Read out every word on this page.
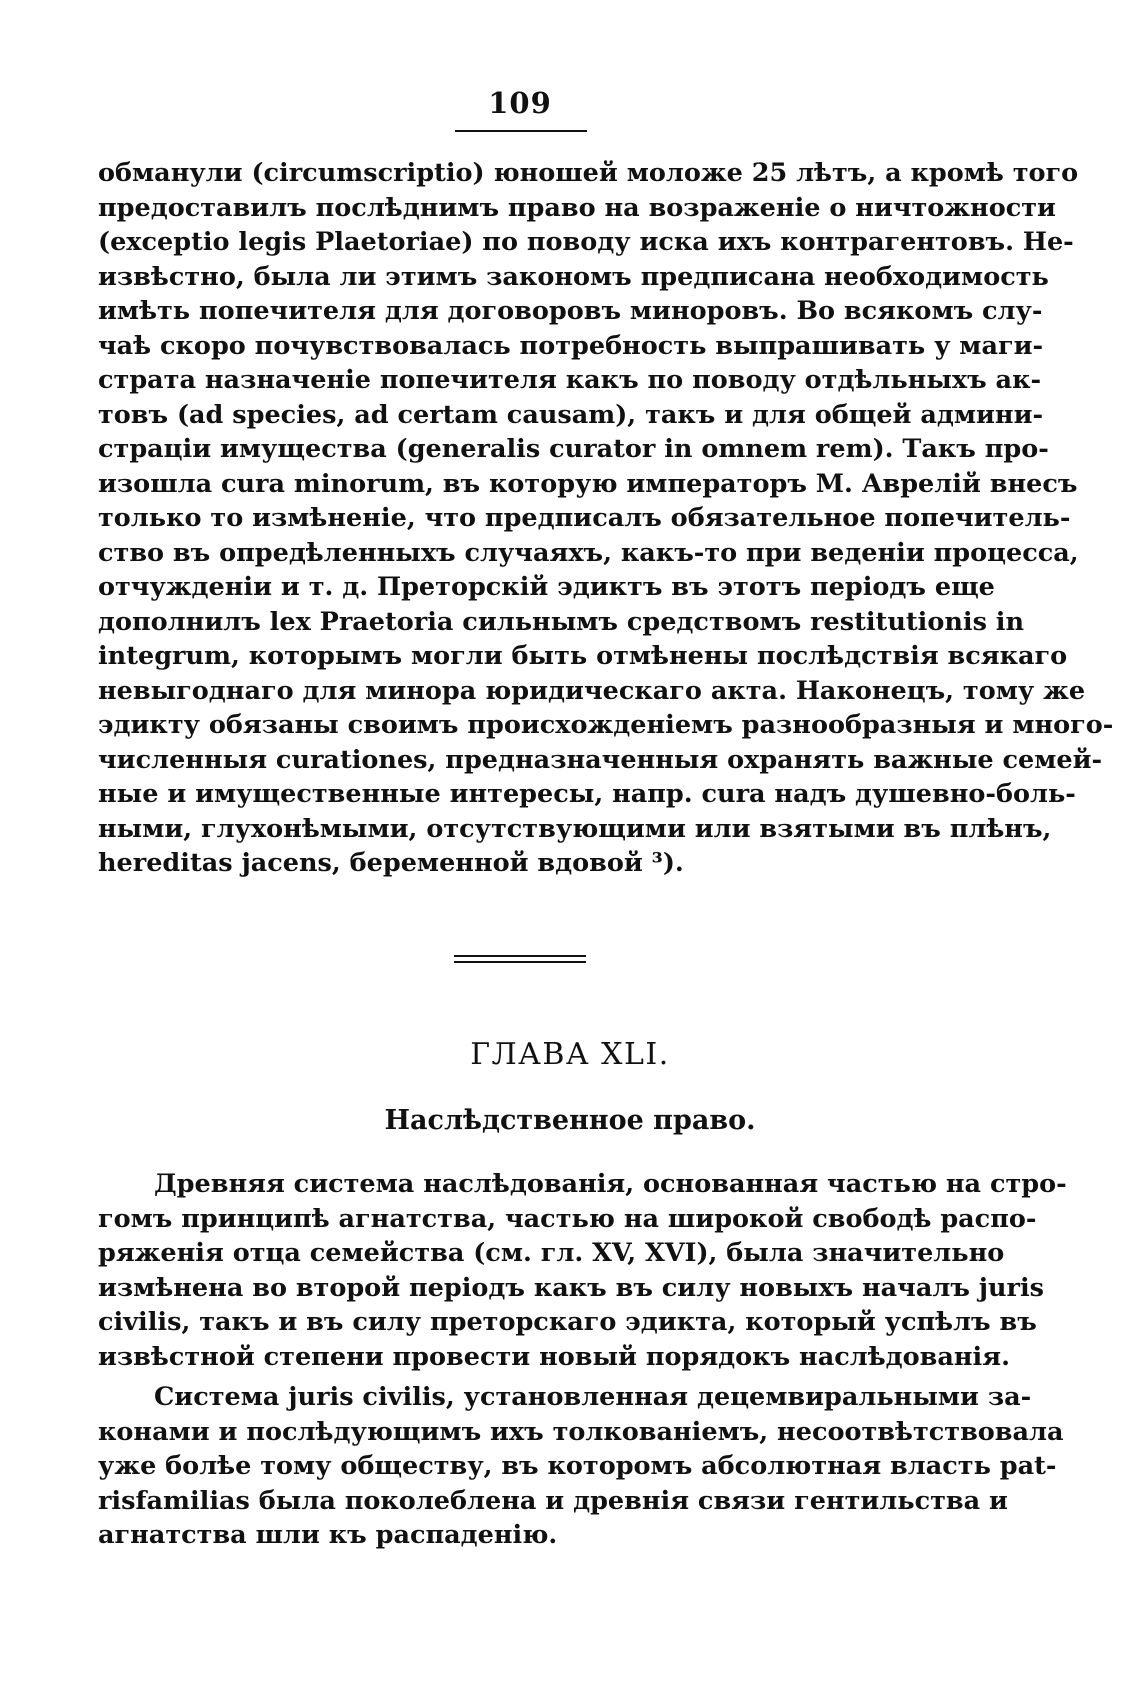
109
обманули (circumscriptio) юношей моложе 25 лѣтъ, а кромѣ того
предоставилъ послѣднимъ право на возраженіе о ничтожности
(exceptio legis Plaetoriae) по поводу иска ихъ контрагентовъ. Не-
извѣстно, была ли этимъ закономъ предписана необходимость
имѣть попечителя для договоровъ миноровъ. Во всякомъ слу-
чаѣ скоро почувствовалась потребность выпрашивать у маги-
страта назначеніе попечителя какъ по поводу отдѣльныхъ ак-
товъ (ad species, ad certam causam), такъ и для общей админи-
страціи имущества (generalis curator in omnem rem). Такъ про-
изошла cura minorum, въ которую императоръ М. Аврелій внесъ
только то измѣненіе, что предписалъ обязательное попечитель-
ство въ опредѣленныхъ случаяхъ, какъ-то при веденіи процесса,
отчужденіи и т. д. Преторскій эдиктъ въ этотъ періодъ еще
дополнилъ lex Praetoria сильнымъ средствомъ restitutionis in
integrum, которымъ могли быть отмѣнены послѣдствія всякаго
невыгоднаго для минора юридическаго акта. Наконецъ, тому же
эдикту обязаны своимъ происхожденіемъ разнообразныя и много-
численныя curationes, предназначенныя охранять важные семей-
ные и имущественные интересы, напр. cura надъ душевно-боль-
ными, глухонѣмыми, отсутствующими или взятыми въ плѣнъ,
hereditas jacens, беременной вдовой ³).
ГЛАВА XLI.
Наслѣдственное право.
Древняя система наслѣдованія, основанная частью на стро-
гомъ принципѣ агнатства, частью на широкой свободѣ распо-
ряженія отца семейства (см. гл. XV, XVI), была значительно
измѣнена во второй періодъ какъ въ силу новыхъ началъ juris
civilis, такъ и въ силу преторскаго эдикта, который успѣлъ въ
извѣстной степени провести новый порядокъ наслѣдованія.
Система juris civilis, установленная децемвиральными за-
конами и послѣдующимъ ихъ толкованіемъ, несоотвѣтствовала
уже болѣе тому обществу, въ которомъ абсолютная власть pat-
risfamilias была поколеблена и древнія связи гентильства и
агнатства шли къ распаденію.
